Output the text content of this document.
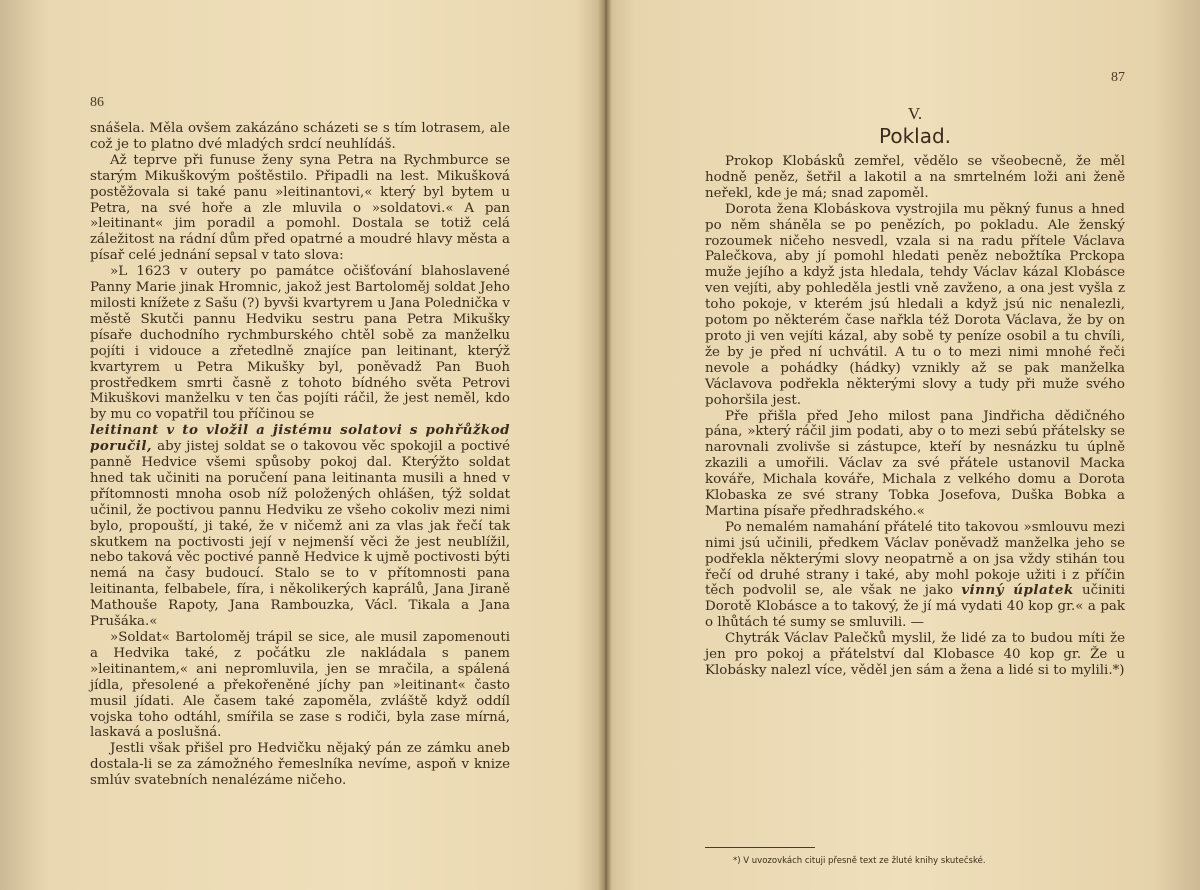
86

snášela. Měla ovšem zakázáno scházeti se s tím lotrasem, ale což je to platno dvé mladých srdcí neuhlídáš.

Až teprve při funuse ženy syna Petra na Rychmburce se starým Mikuškovým poštěstilo. Připadli na lest. Mikušková postěžovala si také panu »leitinantovi,« který byl bytem u Petra, na své hoře a zle mluvila o »soldatovi.« A pan »leitinant« jim poradil a pomohl. Dostala se totiž celá záležitost na rádní dům před opatrné a moudré hlavy města a písař celé jednání sepsal v tato slova:

»L 1623 v outery po památce očišťování blahoslavené Panny Marie jinak Hromnic, jakož jest Bartoloměj soldat Jeho milosti knížete z Sašu (?) byvši kvartyrem u Jana Polednička v městě Skutči pannu Hedviku sestru pana Petra Mikušky písaře duchodního rychmburského chtěl sobě za manželku pojíti i vidouce a zřetedlně znajíce pan leitinant, kterýž kvartyrem u Petra Mikušky byl, poněvadž Pan Buoh prostředkem smrti časně z tohoto bídného světa Petrovi Mikuškovi manželku v ten čas pojíti ráčil, že jest neměl, kdo by mu co vopatřil tou příčinou se

leitinant v to vložil a jistému solatovi s pohřůžkod poručil, aby jistej soldat se o takovou věc spokojil a poctivé panně Hedvice všemi spůsoby pokoj dal. Kterýžto soldat hned tak učiniti na poručení pana leitinanta musili a hned v přítomnosti mnoha osob níž položených ohlášen, týž soldat učinil, že poctivou pannu Hedviku ze všeho cokoliv mezi nimi bylo, propouští, ji také, že v ničemž ani za vlas jak řečí tak skutkem na poctivosti její v nejmenší věci že jest neublížil, nebo taková věc poctivé panně Hedvice k ujmě poctivosti býti nemá na časy budoucí. Stalo se to v přítomnosti pana leitinanta, felbabele, fíra, i několikerých kaprálů, Jana Jiraně Mathouše Rapoty, Jana Rambouzka, Václ. Tikala a Jana Prušáka.«

»Soldat« Bartoloměj trápil se sice, ale musil zapomenouti a Hedvika také, z počátku zle nakládala s panem »leitinantem,« ani nepromluvila, jen se mračila, a spálená jídla, přesolené a překořeněné jíchy pan »leitinant« často musil jídati. Ale časem také zapoměla, zvláště když oddíl vojska toho odtáhl, smířila se zase s rodiči, byla zase mírná, laskavá a poslušná.

Jestli však přišel pro Hedvičku nějaký pán ze zámku aneb dostala-li se za zámožného řemeslníka nevíme, aspoň v knize smlúv svatebních nenalézáme ničeho.

87
V.
Poklad.

Prokop Klobásků zemřel, vědělo se všeobecně, že měl hodně peněz, šetřil a lakotil a na smrtelném loži ani ženě neřekl, kde je má; snad zapoměl.

Dorota žena Klobáskova vystrojila mu pěkný funus a hned po něm sháněla se po penězích, po pokladu. Ale ženský rozoumek ničeho nesvedl, vzala si na radu přítele Václava Palečkova, aby jí pomohl hledati peněz nebožtíka Prckopa muže jejího a když jsta hledala, tehdy Václav kázal Klobásce ven vejíti, aby pohleděla jestli vně zavženo, a ona jest vyšla z toho pokoje, v kterém jsú hledali a když jsú nic nenalezli, potom po některém čase nařkla též Dorota Václava, že by on proto ji ven vejíti kázal, aby sobě ty peníze osobil a tu chvíli, že by je před ní uchvátil. A tu o to mezi nimi mnohé řeči nevole a pohádky (hádky) vznikly až se pak manželka Václavova podřekla některými slovy a tudy při muže svého pohoršila jest.

Pře přišla před Jeho milost pana Jindřicha dědičného pána, »který ráčil jim podati, aby o to mezi sebú přátelsky se narovnali zvolivše si zástupce, kteří by nesnázku tu úplně zkazili a umořili. Václav za své přátele ustanovil Macka kováře, Michala kováře, Michala z velkého domu a Dorota Klobaska ze své strany Tobka Josefova, Duška Bobka a Martina písaře předhradského.«

Po nemalém namahání přátelé tito takovou »smlouvu mezi nimi jsú učinili, předkem Václav poněvadž manželka jeho se podřekla některými slovy neopatrně a on jsa vždy stihán tou řečí od druhé strany i také, aby mohl pokoje užiti i z příčin těch podvolil se, ale však ne jako vinný úplatek učiniti Dorotě Klobásce a to takový, že jí má vydati 40 kop gr.« a pak o lhůtách té sumy se smluvili. —

Chytrák Václav Palečků myslil, že lidé za to budou míti že jen pro pokoj a přátelství dal Klobasce 40 kop gr. Že u Klobásky nalezl více, věděl jen sám a žena a lidé si to mylili.*)

*) V uvozovkách cituji přesně text ze žluté knihy skutečské.
